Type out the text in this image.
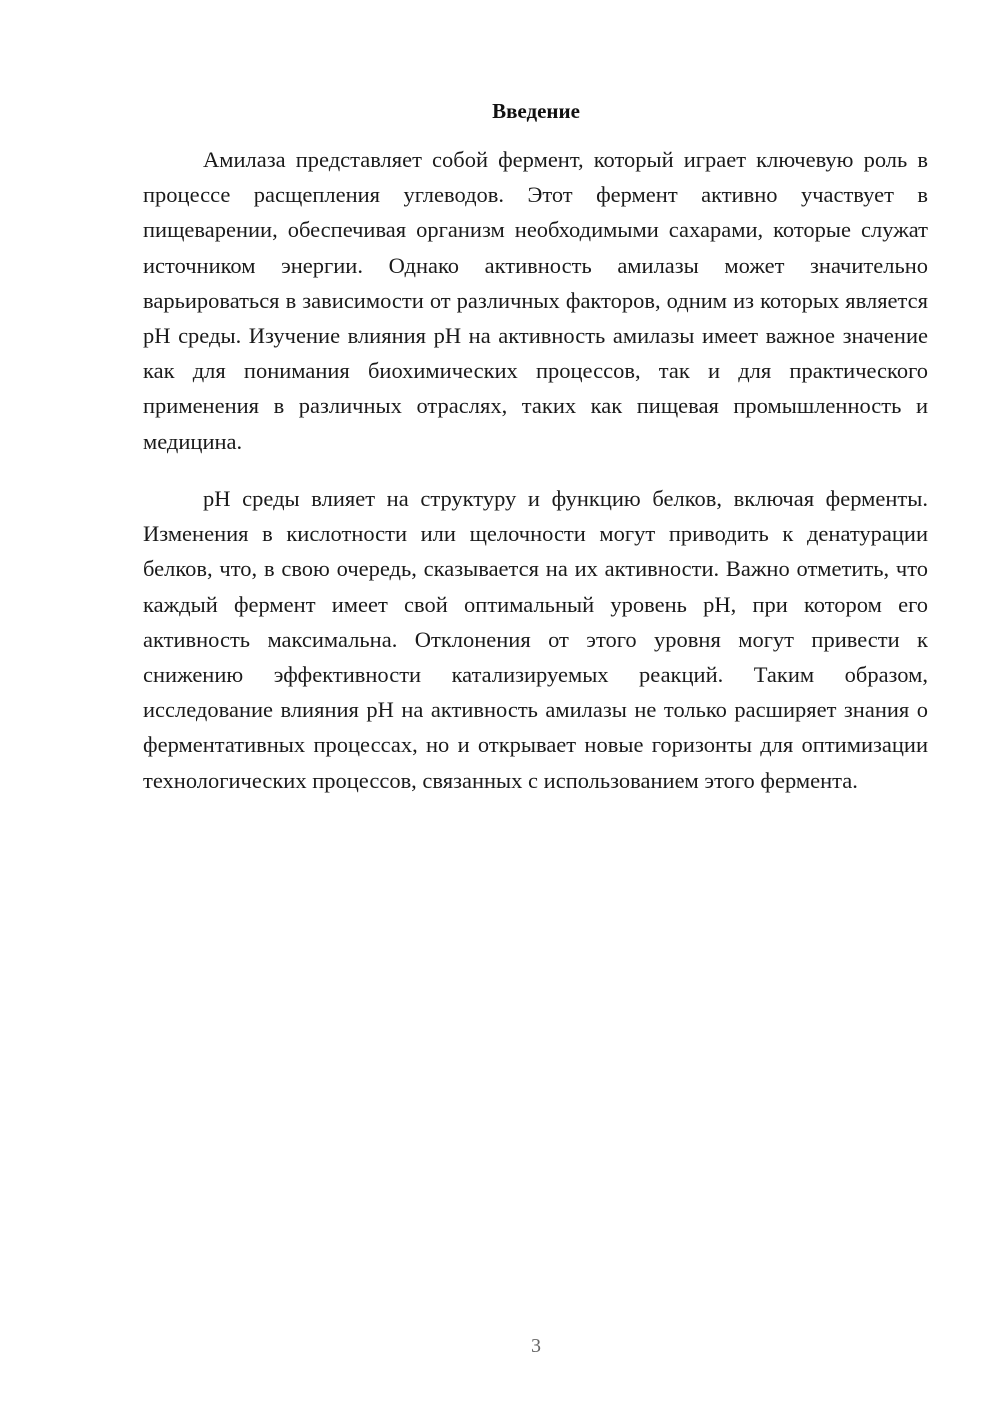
Введение

Амилаза представляет собой фермент, который играет ключевую роль в процессе расщепления углеводов. Этот фермент активно участвует в пищеварении, обеспечивая организм необходимыми сахарами, которые служат источником энергии. Однако активность амилазы может значительно варьироваться в зависимости от различных факторов, одним из которых является pH среды. Изучение влияния pH на активность амилазы имеет важное значение как для понимания биохимических процессов, так и для практического применения в различных отраслях, таких как пищевая промышленность и медицина.

pH среды влияет на структуру и функцию белков, включая ферменты. Изменения в кислотности или щелочности могут приводить к денатурации белков, что, в свою очередь, сказывается на их активности. Важно отметить, что каждый фермент имеет свой оптимальный уровень pH, при котором его активность максимальна. Отклонения от этого уровня могут привести к снижению эффективности катализируемых реакций. Таким образом, исследование влияния pH на активность амилазы не только расширяет знания о ферментативных процессах, но и открывает новые горизонты для оптимизации технологических процессов, связанных с использованием этого фермента.

3
